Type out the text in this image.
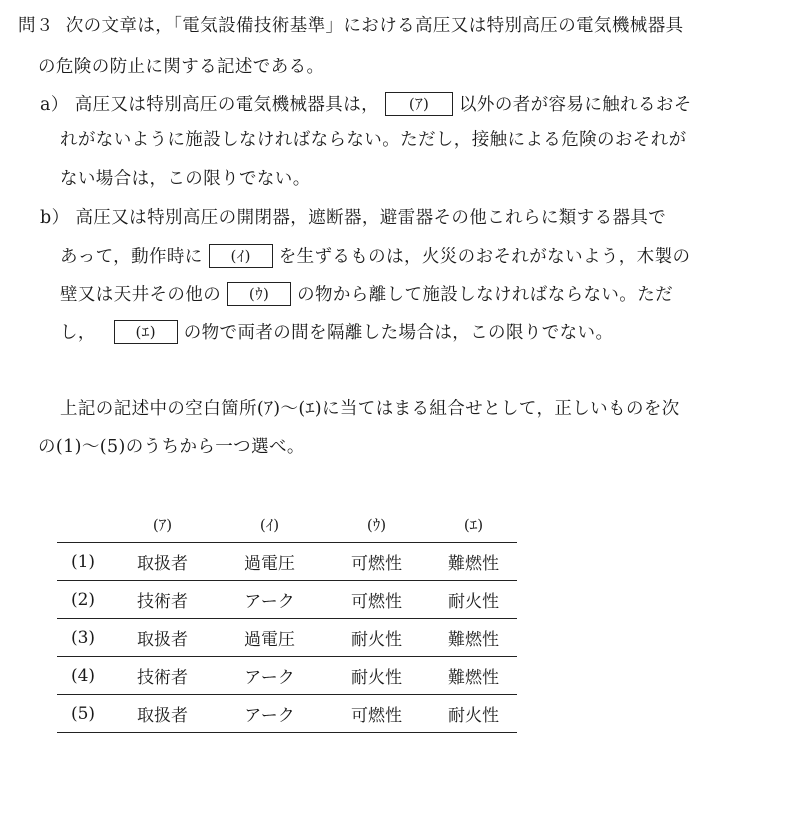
問３ 次の文章は，「電気設備技術基準」における高圧又は特別高圧の電気機械器具
の危険の防止に関する記述である。
a） 高圧又は特別高圧の電気機械器具は， (ｱ) 以外の者が容易に触れるおそ
れがないように施設しなければならない。ただし，接触による危険のおそれが
ない場合は，この限りでない。
b） 高圧又は特別高圧の開閉器，遮断器，避雷器その他これらに類する器具で
あって，動作時に (ｲ) を生ずるものは，火災のおそれがないよう，木製の
壁又は天井その他の (ｳ) の物から離して施設しなければならない。ただ
し，	(ｴ) の物で両者の間を隔離した場合は，この限りでない。
上記の記述中の空白箇所(ｱ)～(ｴ)に当てはまる組合せとして，正しいものを次
の(1)～(5)のうちから一つ選べ。
	(ｱ)	(ｲ)	(ｳ)	(ｴ)
(1)	取扱者	過電圧	可燃性	難燃性
(2)	技術者	アーク	可燃性	耐火性
(3)	取扱者	過電圧	耐火性	難燃性
(4)	技術者	アーク	耐火性	難燃性
(5)	取扱者	アーク	可燃性	耐火性
